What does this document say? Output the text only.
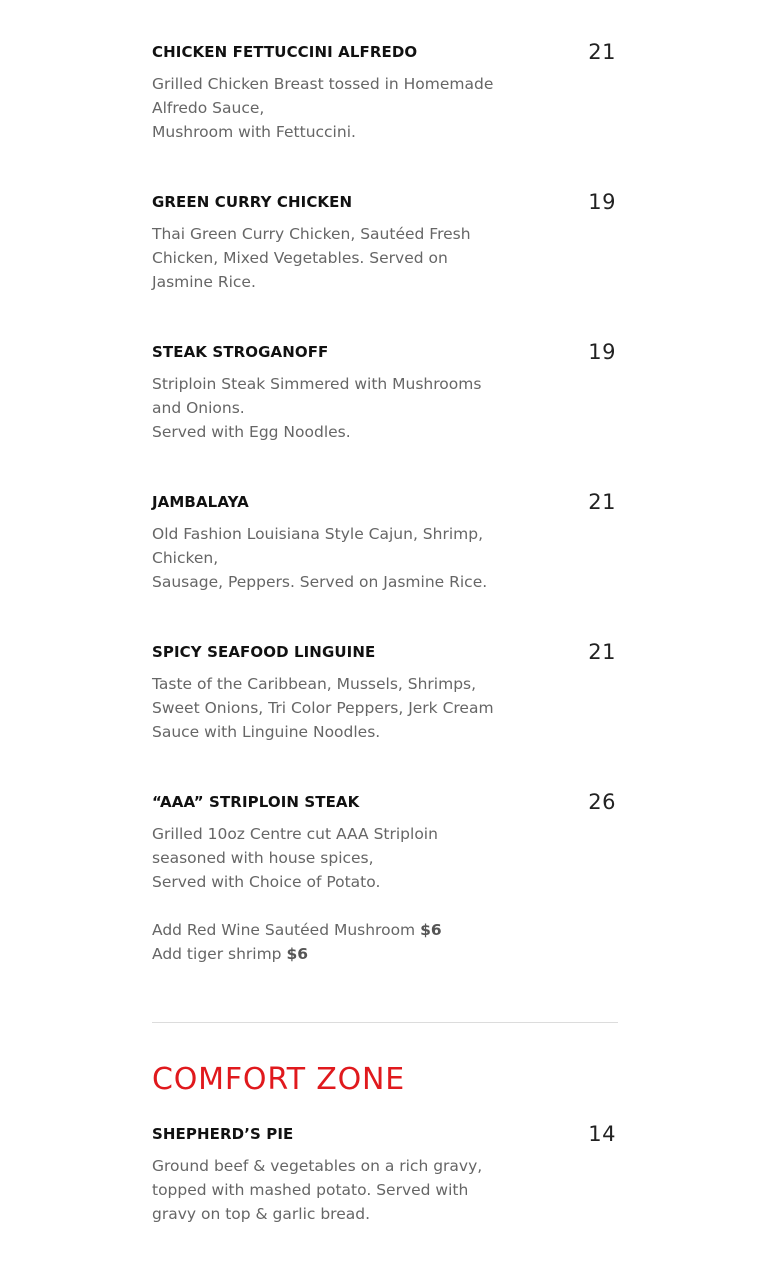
CHICKEN FETTUCCINI ALFREDO	21
Grilled Chicken Breast tossed in Homemade
Alfredo Sauce,
Mushroom with Fettuccini.
GREEN CURRY CHICKEN	19
Thai Green Curry Chicken, Sautéed Fresh
Chicken, Mixed Vegetables. Served on
Jasmine Rice.
STEAK STROGANOFF	19
Striploin Steak Simmered with Mushrooms
and Onions.
Served with Egg Noodles.
JAMBALAYA	21
Old Fashion Louisiana Style Cajun, Shrimp,
Chicken,
Sausage, Peppers. Served on Jasmine Rice.
SPICY SEAFOOD LINGUINE	21
Taste of the Caribbean, Mussels, Shrimps,
Sweet Onions, Tri Color Peppers, Jerk Cream
Sauce with Linguine Noodles.
“AAA” STRIPLOIN STEAK	26
Grilled 10oz Centre cut AAA Striploin
seasoned with house spices,
Served with Choice of Potato.
Add Red Wine Sautéed Mushroom $6
Add tiger shrimp $6
SHEPHERD’S PIE	14
Ground beef & vegetables on a rich gravy,
topped with mashed potato. Served with
gravy on top & garlic bread.
COMFORT ZONE
